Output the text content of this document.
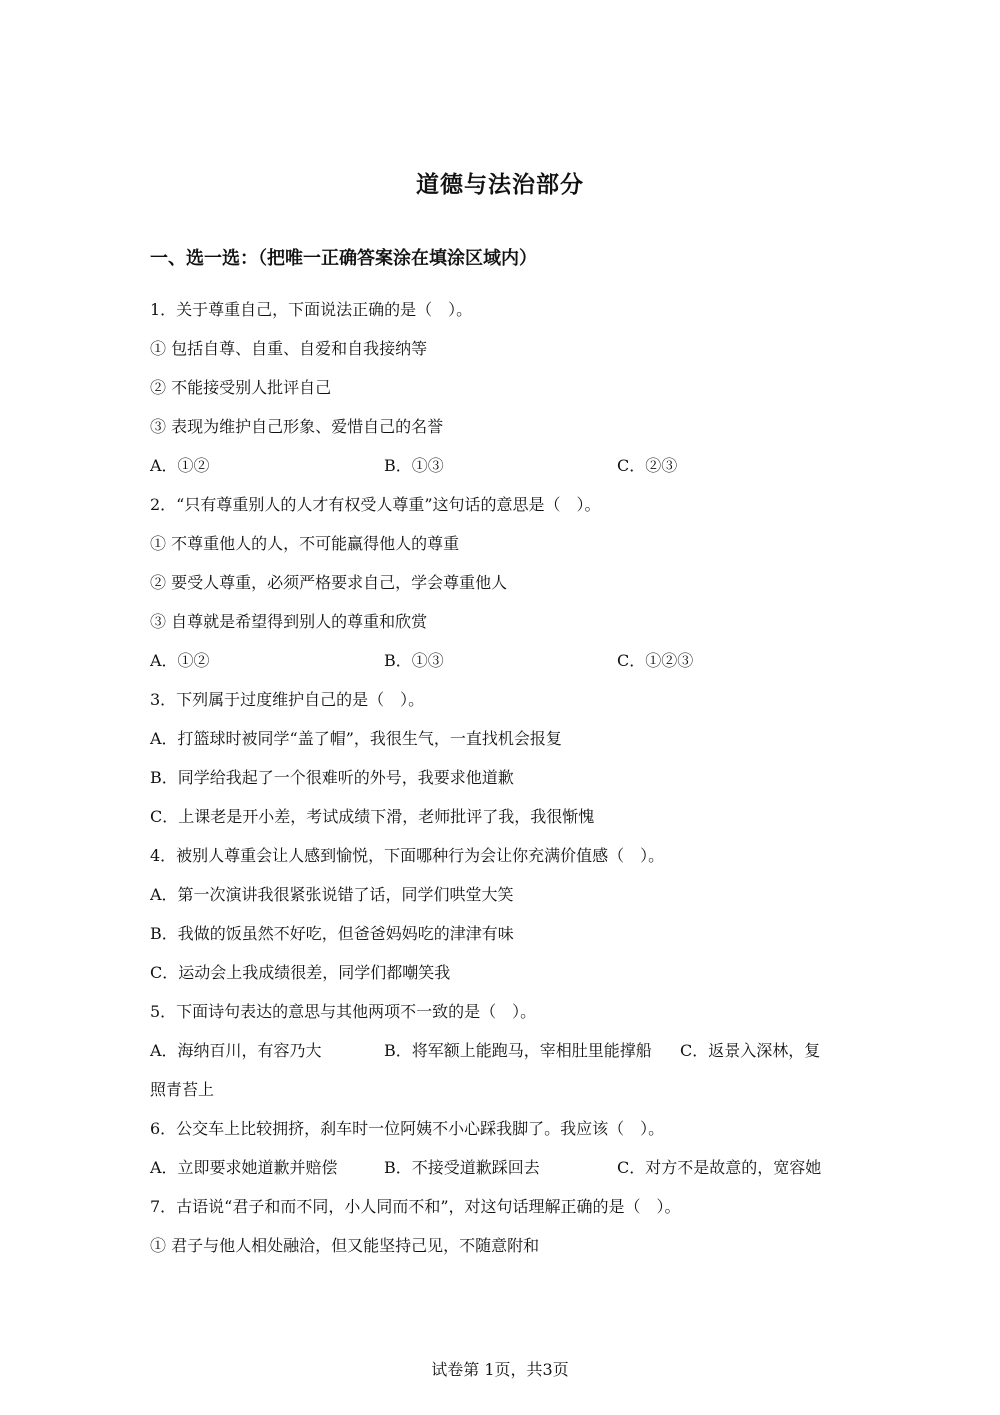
道德与法治部分
一、选一选：（把唯一正确答案涂在填涂区域内）
1．关于尊重自己，下面说法正确的是（　）。
① 包括自尊、自重、自爱和自我接纳等
② 不能接受别人批评自己
③ 表现为维护自己形象、爱惜自己的名誉
A．①②	B．①③	C．②③
2．“只有尊重别人的人才有权受人尊重”这句话的意思是（　）。
① 不尊重他人的人，不可能赢得他人的尊重
② 要受人尊重，必须严格要求自己，学会尊重他人
③ 自尊就是希望得到别人的尊重和欣赏
A．①②	B．①③	C．①②③
3．下列属于过度维护自己的是（　）。
A．打篮球时被同学“盖了帽”，我很生气，一直找机会报复
B．同学给我起了一个很难听的外号，我要求他道歉
C．上课老是开小差，考试成绩下滑，老师批评了我，我很惭愧
4．被别人尊重会让人感到愉悦，下面哪种行为会让你充满价值感（　）。
A．第一次演讲我很紧张说错了话，同学们哄堂大笑
B．我做的饭虽然不好吃，但爸爸妈妈吃的津津有味
C．运动会上我成绩很差，同学们都嘲笑我
5．下面诗句表达的意思与其他两项不一致的是（　）。
A．海纳百川，有容乃大	B．将军额上能跑马，宰相肚里能撑船 C．返景入深林，复
照青苔上
6．公交车上比较拥挤，刹车时一位阿姨不小心踩我脚了。我应该（　）。
A．立即要求她道歉并赔偿	B．不接受道歉踩回去	C．对方不是故意的，宽容她
7．古语说“君子和而不同，小人同而不和”，对这句话理解正确的是（　）。
① 君子与他人相处融洽，但又能坚持己见，不随意附和
试卷第 1页，共3页
